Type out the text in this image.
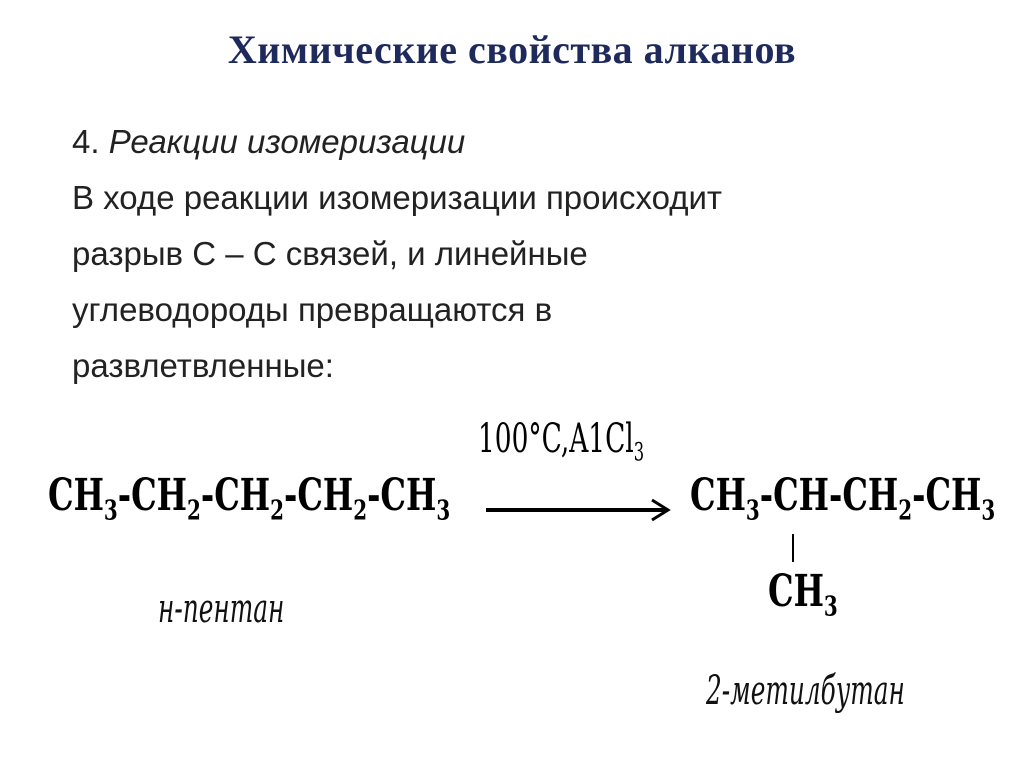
Химические свойства алканов
4. Реакции изомеризации
В ходе реакции изомеризации происходит
разрыв С – С связей, и линейные
углеводороды превращаются в
развлетвленные:
$CH_3-CH_2-CH_2-CH_2-CH_3$
$100^\circ C,A1Cl_3$
$CH_3-CH-CH_2-CH_3$
$CH_3$
н-пентан
2-метилбутан
